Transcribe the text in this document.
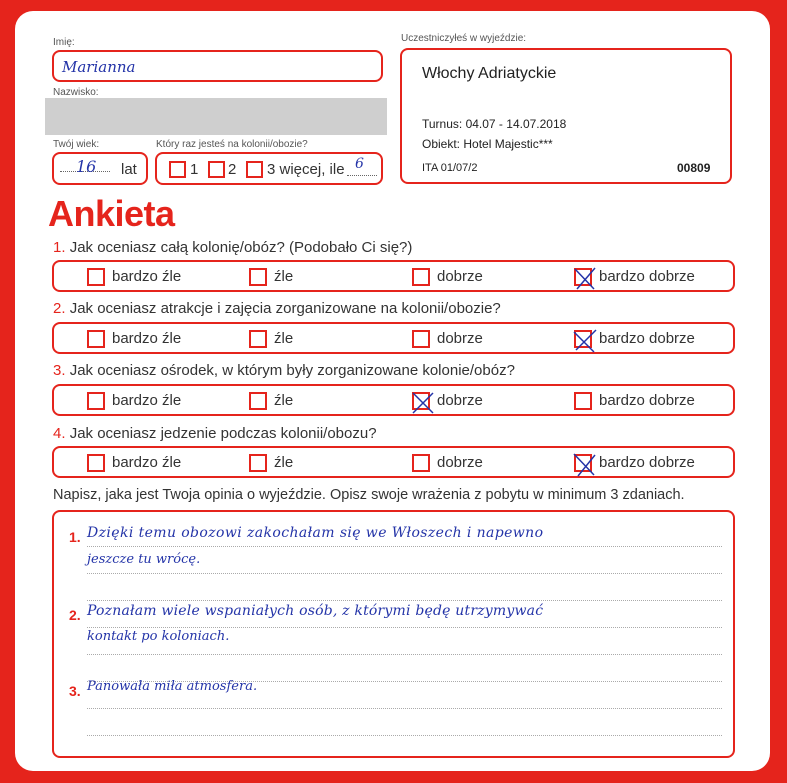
Imię:
Marianna
Nazwisko:
Twój wiek:
16 lat
Który raz jesteś na kolonii/obozie?
1 2 3 więcej, ile 6
Uczestniczyłeś w wyjeździe:
Włochy Adriatyckie
Turnus: 04.07 - 14.07.2018
Obiekt: Hotel Majestic***
ITA 01/07/2	00809
Ankieta
1. Jak oceniasz całą kolonię/obóz? (Podobało Ci się?)
bardzo źle	źle	dobrze	bardzo dobrze
2. Jak oceniasz atrakcje i zajęcia zorganizowane na kolonii/obozie?
bardzo źle	źle	dobrze	bardzo dobrze
3. Jak oceniasz ośrodek, w którym były zorganizowane kolonie/obóz?
bardzo źle	źle	dobrze	bardzo dobrze
4. Jak oceniasz jedzenie podczas kolonii/obozu?
bardzo źle	źle	dobrze	bardzo dobrze
Napisz, jaka jest Twoja opinia o wyjeździe. Opisz swoje wrażenia z pobytu w minimum 3 zdaniach.
1. Dzięki temu obozowi zakochałam się we Włoszech i napewno
jeszcze tu wrócę.
2. Poznałam wiele wspaniałych osób, z którymi będę utrzymywać
kontakt po koloniach.
3. Panowała miła atmosfera.
